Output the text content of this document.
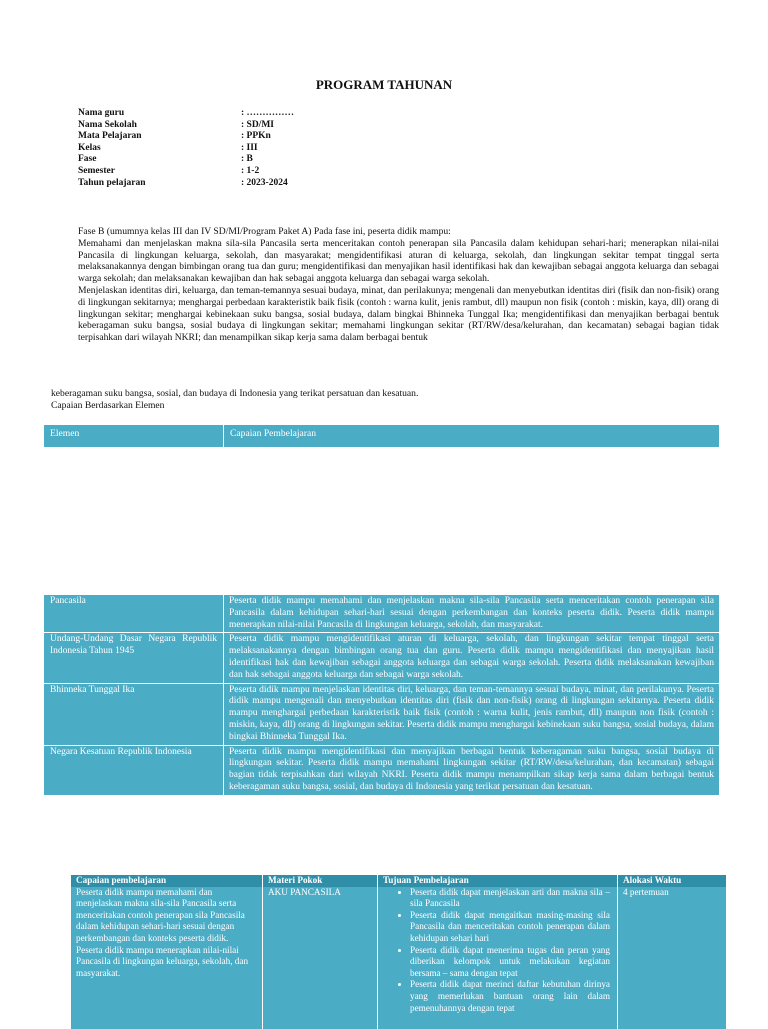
PROGRAM TAHUNAN
Nama guru	: ……………
Nama Sekolah	: SD/MI
Mata Pelajaran	: PPKn
Kelas	: III
Fase	: B
Semester	: 1-2
Tahun pelajaran	: 2023-2024

Fase B (umumnya kelas III dan IV SD/MI/Program Paket A) Pada fase ini, peserta didik mampu:

Memahami dan menjelaskan makna sila-sila Pancasila serta menceritakan contoh penerapan sila Pancasila dalam kehidupan sehari-hari; menerapkan nilai-nilai Pancasila di lingkungan keluarga, sekolah, dan masyarakat; mengidentifikasi aturan di keluarga, sekolah, dan lingkungan sekitar tempat tinggal serta melaksanakannya dengan bimbingan orang tua dan guru; mengidentifikasi dan menyajikan hasil identifikasi hak dan kewajiban sebagai anggota keluarga dan sebagai warga sekolah; dan melaksanakan kewajiban dan hak sebagai anggota keluarga dan sebagai warga sekolah.

Menjelaskan identitas diri, keluarga, dan teman-temannya sesuai budaya, minat, dan perilakunya; mengenali dan menyebutkan identitas diri (fisik dan non-fisik) orang di lingkungan sekitarnya; menghargai perbedaan karakteristik baik fisik (contoh : warna kulit, jenis rambut, dll) maupun non fisik (contoh : miskin, kaya, dll) orang di lingkungan sekitar; menghargai kebinekaan suku bangsa, sosial budaya, dalam bingkai Bhinneka Tunggal Ika; mengidentifikasi dan menyajikan berbagai bentuk keberagaman suku bangsa, sosial budaya di lingkungan sekitar; memahami lingkungan sekitar (RT/RW/desa/kelurahan, dan kecamatan) sebagai bagian tidak terpisahkan dari wilayah NKRI; dan menampilkan sikap kerja sama dalam berbagai bentuk

keberagaman suku bangsa, sosial, dan budaya di Indonesia yang terikat persatuan dan kesatuan.

Capaian Berdasarkan Elemen

Elemen	Capaian Pembelajaran
Pancasila	Peserta didik mampu memahami dan menjelaskan makna sila-sila Pancasila serta menceritakan contoh penerapan sila Pancasila dalam kehidupan sehari-hari sesuai dengan perkembangan dan konteks peserta didik. Peserta didik mampu menerapkan nilai-nilai Pancasila di lingkungan keluarga, sekolah, dan masyarakat.
Undang-Undang Dasar Negara Republik Indonesia Tahun 1945
Peserta didik mampu mengidentifikasi aturan di keluarga, sekolah, dan lingkungan sekitar tempat tinggal serta melaksanakannya dengan bimbingan orang tua dan guru. Peserta didik mampu mengidentifikasi dan menyajikan hasil identifikasi hak dan kewajiban sebagai anggota keluarga dan sebagai warga sekolah. Peserta didik melaksanakan kewajiban dan hak sebagai anggota keluarga dan sebagai warga sekolah.
Bhinneka Tunggal Ika	Peserta didik mampu menjelaskan identitas diri, keluarga, dan teman-temannya sesuai budaya, minat, dan perilakunya. Peserta didik mampu mengenali dan menyebutkan identitas diri (fisik dan non-fisik) orang di lingkungan sekitarnya. Peserta didik mampu menghargai perbedaan karakteristik baik fisik (contoh : warna kulit, jenis rambut, dll) maupun non fisik (contoh : miskin, kaya, dll) orang di lingkungan sekitar. Peserta didik mampu menghargai kebinekaan suku bangsa, sosial budaya, dalam bingkai Bhinneka Tunggal Ika.
Negara Kesatuan Republik Indonesia	Peserta didik mampu mengidentifikasi dan menyajikan berbagai bentuk keberagaman suku bangsa, sosial budaya di lingkungan sekitar. Peserta didik mampu memahami lingkungan sekitar (RT/RW/desa/kelurahan, dan kecamatan) sebagai bagian tidak terpisahkan dari wilayah NKRI. Peserta didik mampu menampilkan sikap kerja sama dalam berbagai bentuk keberagaman suku bangsa, sosial, dan budaya di Indonesia yang terikat persatuan dan kesatuan.
Capaian pembelajaran	Materi Pokok	Tujuan Pembelajaran	Alokasi Waktu
Peserta didik mampu memahami dan menjelaskan makna sila-sila Pancasila serta menceritakan contoh penerapan sila Pancasila dalam kehidupan sehari-hari sesuai dengan perkembangan dan konteks peserta didik. Peserta didik mampu menerapkan nilai-nilai Pancasila di lingkungan keluarga, sekolah, dan masyarakat.
AKU PANCASILA
•	Peserta didik dapat menjelaskan arti dan makna sila – sila Pancasila
• Peserta didik dapat mengaitkan masing-masing sila Pancasila dan menceritakan contoh penerapan dalam kehidupan sehari hari
• Peserta didik dapat menerima tugas dan peran yang diberikan kelompok untuk melakukan kegiatan bersama – sama dengan tepat
• Peserta didik dapat merinci daftar kebutuhan dirinya yang memerlukan bantuan orang lain dalam pemenuhannya dengan tepat
4 pertemuan
